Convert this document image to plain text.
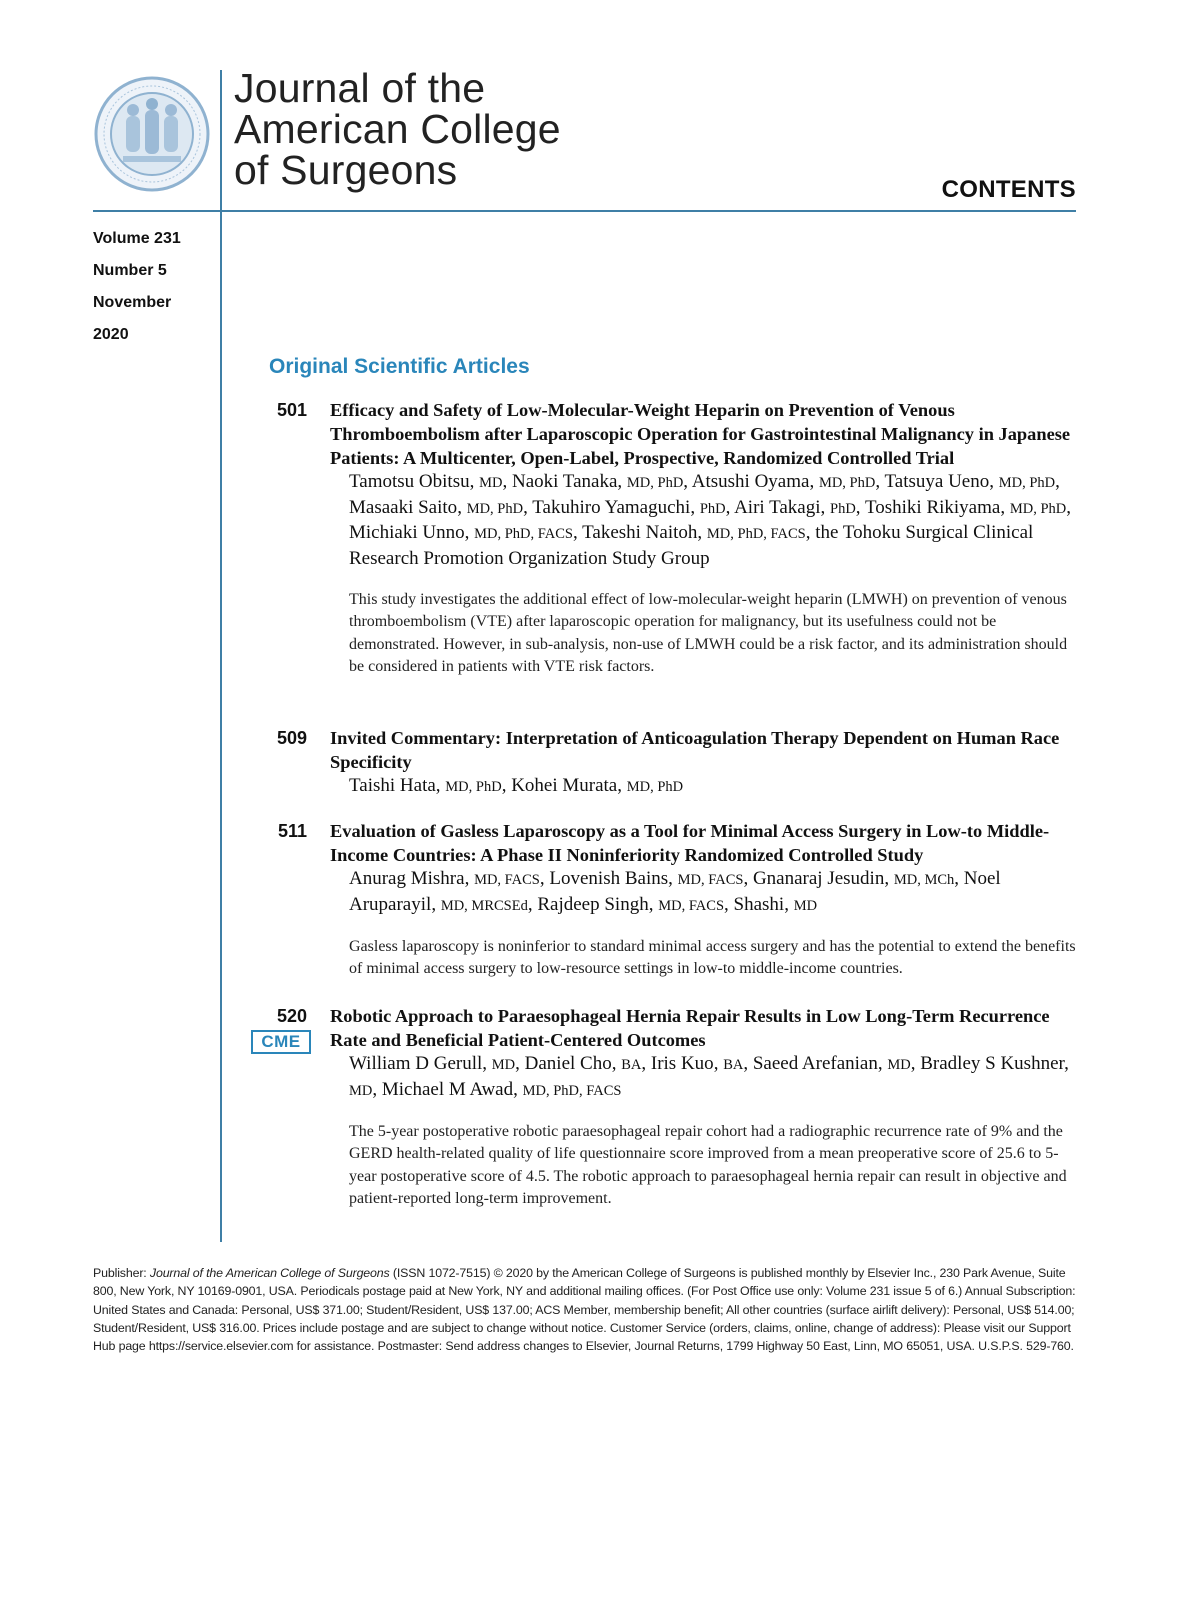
Journal of the
American College
of Surgeons	CONTENTS
Volume 231
Number 5
November
2020
Original Scientific Articles
501 Efficacy and Safety of Low-Molecular-Weight Heparin on Prevention of Venous Thromboembolism after Laparoscopic Operation for Gastrointestinal Malignancy in Japanese Patients: A Multicenter, Open-Label, Prospective, Randomized Controlled Trial
Tamotsu Obitsu, MD, Naoki Tanaka, MD, PhD, Atsushi Oyama, MD, PhD, Tatsuya Ueno, MD, PhD, Masaaki Saito, MD, PhD, Takuhiro Yamaguchi, PhD, Airi Takagi, PhD, Toshiki Rikiyama, MD, PhD, Michiaki Unno, MD, PhD, FACS, Takeshi Naitoh, MD, PhD, FACS, the Tohoku Surgical Clinical Research Promotion Organization Study Group
This study investigates the additional effect of low-molecular-weight heparin (LMWH) on prevention of venous thromboembolism (VTE) after laparoscopic operation for malignancy, but its usefulness could not be demonstrated. However, in sub-analysis, non-use of LMWH could be a risk factor, and its administration should be considered in patients with VTE risk factors.
509 Invited Commentary: Interpretation of Anticoagulation Therapy Dependent on Human Race Specificity
Taishi Hata, MD, PhD, Kohei Murata, MD, PhD
511 Evaluation of Gasless Laparoscopy as a Tool for Minimal Access Surgery in Low-to Middle-Income Countries: A Phase II Noninferiority Randomized Controlled Study
Anurag Mishra, MD, FACS, Lovenish Bains, MD, FACS, Gnanaraj Jesudin, MD, MCh, Noel Aruparayil, MD, MRCSEd, Rajdeep Singh, MD, FACS, Shashi, MD
Gasless laparoscopy is noninferior to standard minimal access surgery and has the potential to extend the benefits of minimal access surgery to low-resource settings in low-to middle-income countries.
520
CME
Robotic Approach to Paraesophageal Hernia Repair Results in Low Long-Term Recurrence Rate and Beneficial Patient-Centered Outcomes
William D Gerull, MD, Daniel Cho, BA, Iris Kuo, BA, Saeed Arefanian, MD, Bradley S Kushner, MD, Michael M Awad, MD, PhD, FACS
The 5-year postoperative robotic paraesophageal repair cohort had a radiographic recurrence rate of 9% and the GERD health-related quality of life questionnaire score improved from a mean preoperative score of 25.6 to 5-year postoperative score of 4.5. The robotic approach to paraesophageal hernia repair can result in objective and patient-reported long-term improvement.
Publisher: Journal of the American College of Surgeons (ISSN 1072-7515) © 2020 by the American College of Surgeons is published monthly by Elsevier Inc., 230 Park Avenue, Suite 800, New York, NY 10169-0901, USA. Periodicals postage paid at New York, NY and additional mailing offices. (For Post Office use only: Volume 231 issue 5 of 6.) Annual Subscription: United States and Canada: Personal, US$ 371.00; Student/Resident, US$ 137.00; ACS Member, membership benefit; All other countries (surface airlift delivery): Personal, US$ 514.00; Student/Resident, US$ 316.00. Prices include postage and are subject to change without notice. Customer Service (orders, claims, online, change of address): Please visit our Support Hub page https://service.elsevier.com for assistance. Postmaster: Send address changes to Elsevier, Journal Returns, 1799 Highway 50 East, Linn, MO 65051, USA. U.S.P.S. 529-760.
